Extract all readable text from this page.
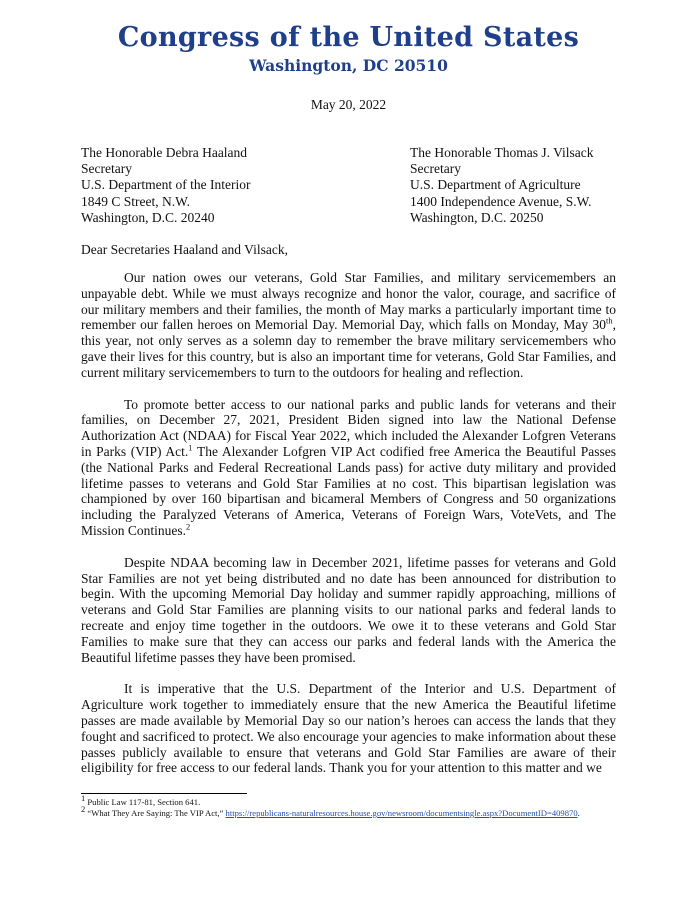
Congress of the United States
Washington, DC 20510
May 20, 2022
The Honorable Debra Haaland
Secretary
U.S. Department of the Interior
1849 C Street, N.W.
Washington, D.C. 20240
The Honorable Thomas J. Vilsack
Secretary
U.S. Department of Agriculture
1400 Independence Avenue, S.W.
Washington, D.C. 20250
Dear Secretaries Haaland and Vilsack,

Our nation owes our veterans, Gold Star Families, and military servicemembers an unpayable debt. While we must always recognize and honor the valor, courage, and sacrifice of our military members and their families, the month of May marks a particularly important time to remember our fallen heroes on Memorial Day. Memorial Day, which falls on Monday, May 30th, this year, not only serves as a solemn day to remember the brave military servicemembers who gave their lives for this country, but is also an important time for veterans, Gold Star Families, and current military servicemembers to turn to the outdoors for healing and reflection.

To promote better access to our national parks and public lands for veterans and their families, on December 27, 2021, President Biden signed into law the National Defense Authorization Act (NDAA) for Fiscal Year 2022, which included the Alexander Lofgren Veterans in Parks (VIP) Act.$^1$ The Alexander Lofgren VIP Act codified free America the Beautiful Passes (the National Parks and Federal Recreational Lands pass) for active duty military and provided lifetime passes to veterans and Gold Star Families at no cost. This bipartisan legislation was championed by over 160 bipartisan and bicameral Members of Congress and 50 organizations including the Paralyzed Veterans of America, Veterans of Foreign Wars, VoteVets, and The Mission Continues.$^2$

Despite NDAA becoming law in December 2021, lifetime passes for veterans and Gold Star Families are not yet being distributed and no date has been announced for distribution to begin. With the upcoming Memorial Day holiday and summer rapidly approaching, millions of veterans and Gold Star Families are planning visits to our national parks and federal lands to recreate and enjoy time together in the outdoors. We owe it to these veterans and Gold Star Families to make sure that they can access our parks and federal lands with the America the Beautiful lifetime passes they have been promised.

It is imperative that the U.S. Department of the Interior and U.S. Department of Agriculture work together to immediately ensure that the new America the Beautiful lifetime passes are made available by Memorial Day so our nation’s heroes can access the lands that they fought and sacrificed to protect. We also encourage your agencies to make information about these passes publicly available to ensure that veterans and Gold Star Families are aware of their eligibility for free access to our federal lands. Thank you for your attention to this matter and we

$^1$ Public Law 117-81, Section 641.
$^2$ “What They Are Saying: The VIP Act,” https://republicans-naturalresources.house.gov/newsroom/documentsingle.aspx?DocumentID=409870.
